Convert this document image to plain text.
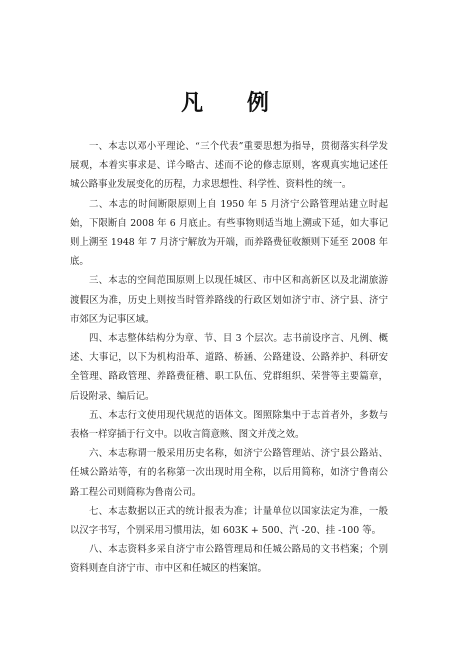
凡 例

一、本志以邓小平理论、“三个代表”重要思想为指导，贯彻落实科学发展观，本着实事求是、详今略古、述而不论的修志原则，客观真实地记述任城公路事业发展变化的历程，力求思想性、科学性、资料性的统一。

二、本志的时间断限原则上自 1950 年 5 月济宁公路管理站建立时起始，下限断自 2008 年 6 月底止。有些事物则适当地上溯或下延，如大事记则上溯至 1948 年 7 月济宁解放为开端，而养路费征收额则下延至 2008 年底。

三、本志的空间范围原则上以现任城区、市中区和高新区以及北湖旅游渡假区为准，历史上则按当时管养路线的行政区划如济宁市、济宁县、济宁市郊区为记事区域。

四、本志整体结构分为章、节、目 3 个层次。志书前设序言、凡例、概述、大事记，以下为机构沿革、道路、桥涵、公路建设、公路养护、科研安全管理、路政管理、养路费征稽、职工队伍、党群组织、荣誉等主要篇章，后设附录、编后记。

五、本志行文使用现代规范的语体文。图照除集中于志首者外，多数与表格一样穿插于行文中。以收言简意赅、图文并茂之效。

六、本志称谓一般采用历史名称，如济宁公路管理站、济宁县公路站、任城公路站等，有的名称第一次出现时用全称，以后用简称，如济宁鲁南公路工程公司则简称为鲁南公司。

七、本志数据以正式的统计报表为准；计量单位以国家法定为准，一般以汉字书写，个别采用习惯用法，如 603K + 500、汽 -20、挂 -100 等。

八、本志资料多采自济宁市公路管理局和任城公路局的文书档案；个别资料则查自济宁市、市中区和任城区的档案馆。
